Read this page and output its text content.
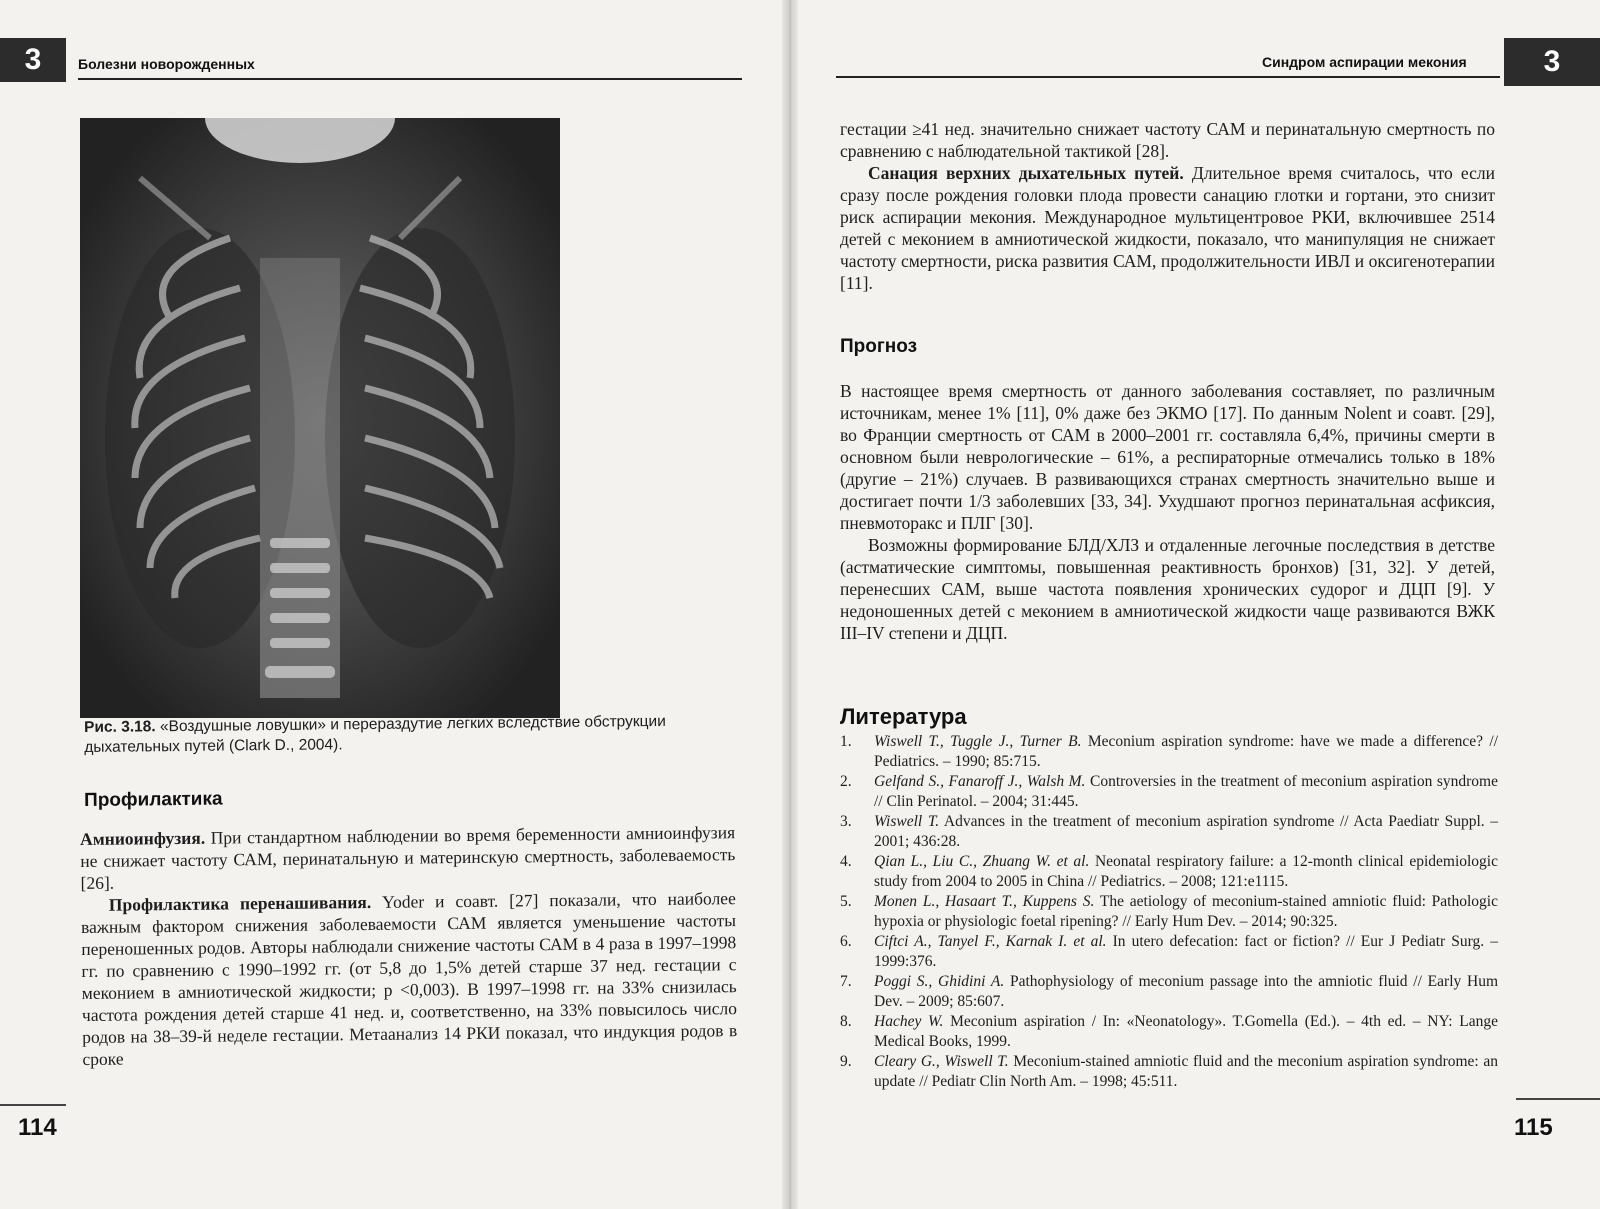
3	Болезни новорожденных
Рис. 3.18. «Воздушные ловушки» и перераздутие легких вследствие обструкции дыхательных путей (Clark D., 2004).
Профилактика

Амниоинфузия. При стандартном наблюдении во время беременности амниоинфузия не снижает частоту САМ, перинатальную и материнскую смертность, заболеваемость [26].

Профилактика перенашивания. Yoder и соавт. [27] показали, что наиболее важным фактором снижения заболеваемости САМ является уменьшение частоты переношенных родов. Авторы наблюдали снижение частоты САМ в 4 раза в 1997–1998 гг. по сравнению с 1990–1992 гг. (от 5,8 до 1,5% детей старше 37 нед. гестации с меконием в амниотической жидкости; p <0,003). В 1997–1998 гг. на 33% снизилась частота рождения детей старше 41 нед. и, соответственно, на 33% повысилось число родов на 38–39-й неделе гестации. Метаанализ 14 РКИ показал, что индукция родов в сроке

114
Синдром аспирации мекония	3

гестации ≥41 нед. значительно снижает частоту САМ и перинатальную смертность по сравнению с наблюдательной тактикой [28].

Санация верхних дыхательных путей. Длительное время считалось, что если сразу после рождения головки плода провести санацию глотки и гортани, это снизит риск аспирации мекония. Международное мультицентровое РКИ, включившее 2514 детей с меконием в амниотической жидкости, показало, что манипуляция не снижает частоту смертности, риска развития САМ, продолжительности ИВЛ и оксигенотерапии [11].

Прогноз

В настоящее время смертность от данного заболевания составляет, по различным источникам, менее 1% [11], 0% даже без ЭКМО [17]. По данным Nolent и соавт. [29], во Франции смертность от САМ в 2000–2001 гг. составляла 6,4%, причины смерти в основном были неврологические – 61%, а респираторные отмечались только в 18% (другие – 21%) случаев. В развивающихся странах смертность значительно выше и достигает почти 1/3 заболевших [33, 34]. Ухудшают прогноз перинатальная асфиксия, пневмоторакс и ПЛГ [30].

Возможны формирование БЛД/ХЛЗ и отдаленные легочные последствия в детстве (астматические симптомы, повышенная реактивность бронхов) [31, 32]. У детей, перенесших САМ, выше частота появления хронических судорог и ДЦП [9]. У недоношенных детей с меконием в амниотической жидкости чаще развиваются ВЖК III–IV степени и ДЦП.

Литература
1. Wiswell T., Tuggle J., Turner B. Meconium aspiration syndrome: have we made a difference? // Pediatrics. – 1990; 85:715.
2. Gelfand S., Fanaroff J., Walsh M. Controversies in the treatment of meconium aspiration syndrome // Clin Perinatol. – 2004; 31:445.
3. Wiswell T. Advances in the treatment of meconium aspiration syndrome // Acta Paediatr Suppl. – 2001; 436:28.
4. Qian L., Liu C., Zhuang W. et al. Neonatal respiratory failure: a 12-month clinical epidemiologic study from 2004 to 2005 in China // Pediatrics. – 2008; 121:e1115.
5. Monen L., Hasaart T., Kuppens S. The aetiology of meconium-stained amniotic fluid: Pathologic hypoxia or physiologic foetal ripening? // Early Hum Dev. – 2014; 90:325.
6. Ciftci A., Tanyel F., Karnak I. et al. In utero defecation: fact or fiction? // Eur J Pediatr Surg. – 1999:376.
7. Poggi S., Ghidini A. Pathophysiology of meconium passage into the amniotic fluid // Early Hum Dev. – 2009; 85:607.
8. Hachey W. Meconium aspiration / In: «Neonatology». T.Gomella (Ed.). – 4th ed. – NY: Lange Medical Books, 1999.
9. Cleary G., Wiswell T. Meconium-stained amniotic fluid and the meconium aspiration syndrome: an update // Pediatr Clin North Am. – 1998; 45:511.
115
